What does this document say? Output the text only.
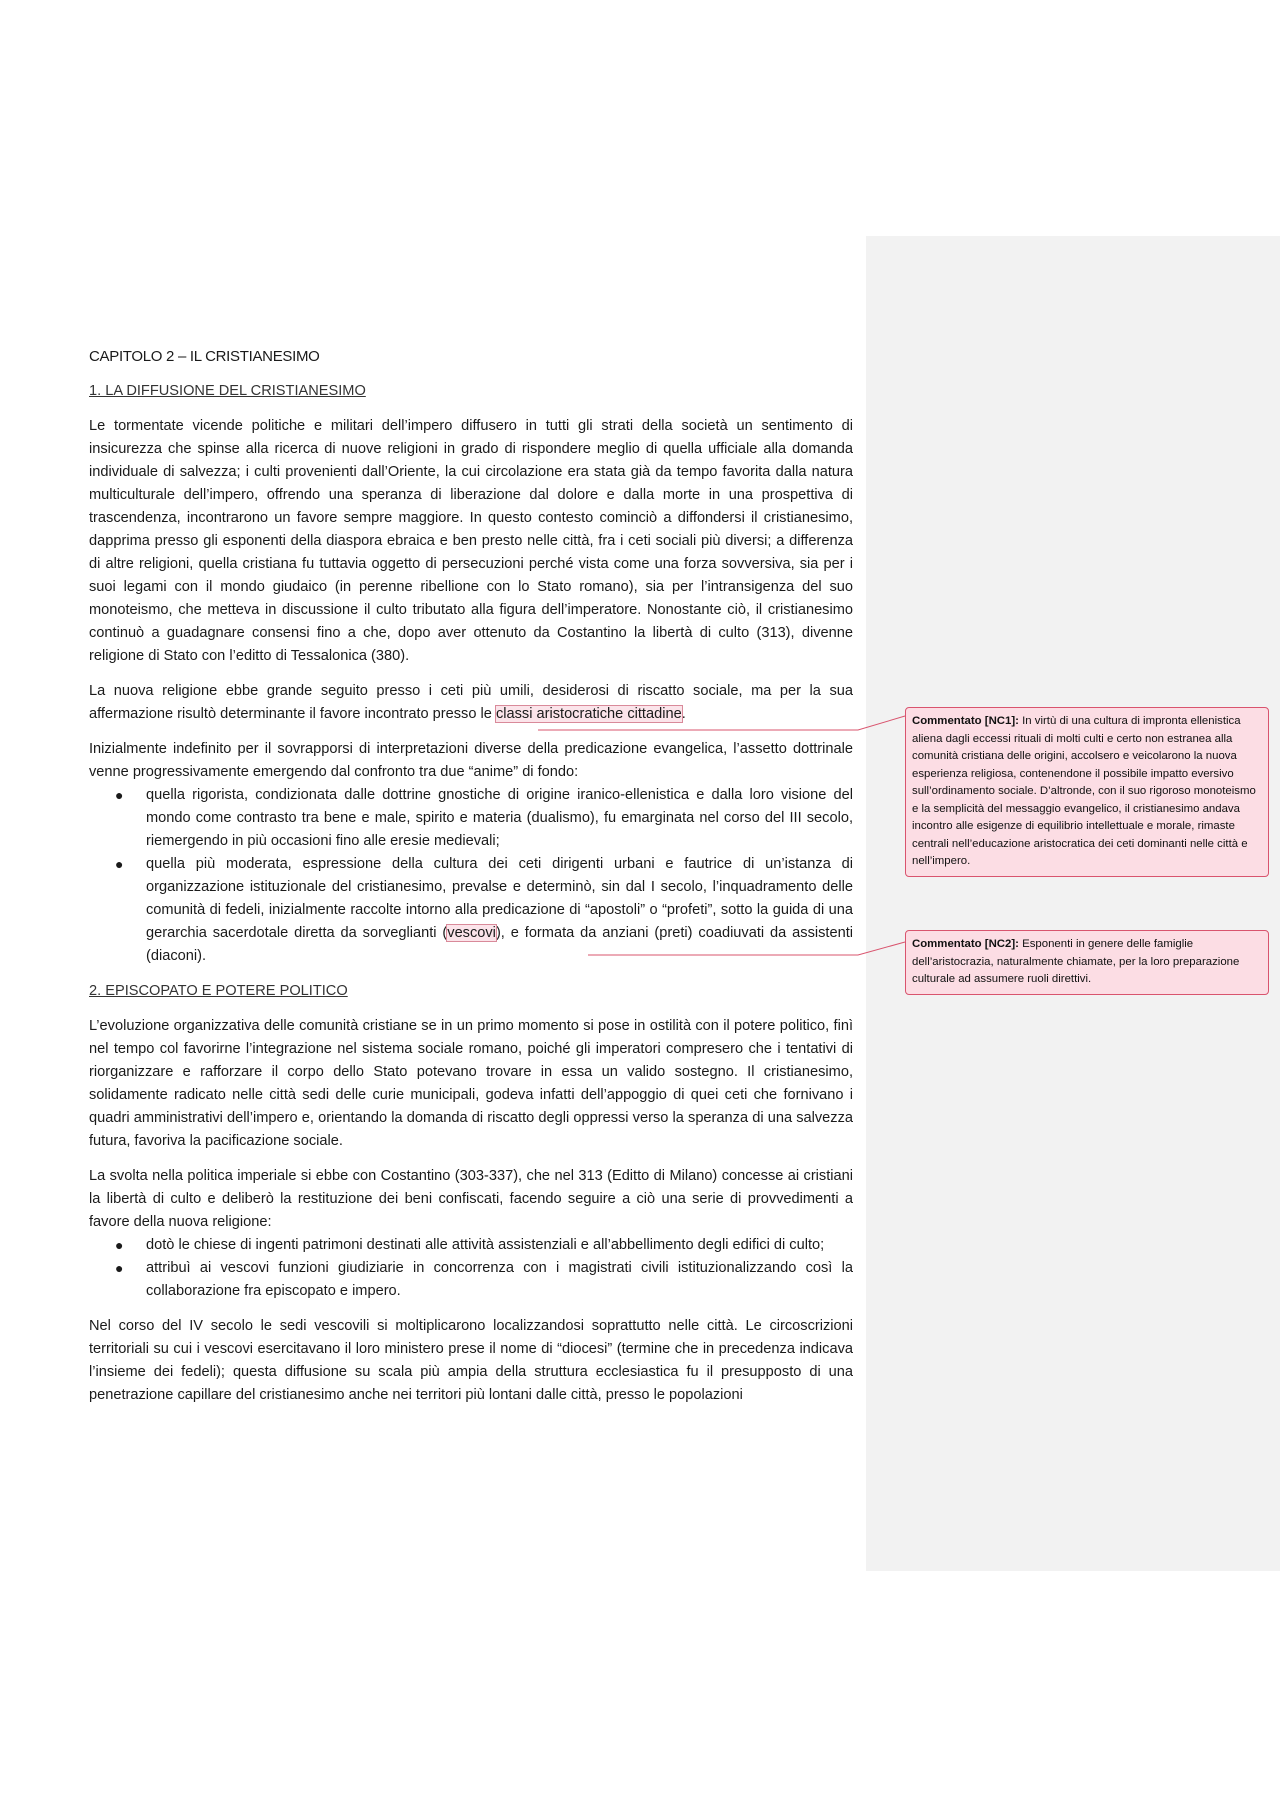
CAPITOLO 2 – IL CRISTIANESIMO
1. LA DIFFUSIONE DEL CRISTIANESIMO

Le tormentate vicende politiche e militari dell’impero diffusero in tutti gli strati della società un sentimento di insicurezza che spinse alla ricerca di nuove religioni in grado di rispondere meglio di quella ufficiale alla domanda individuale di salvezza; i culti provenienti dall’Oriente, la cui circolazione era stata già da tempo favorita dalla natura multiculturale dell’impero, offrendo una speranza di liberazione dal dolore e dalla morte in una prospettiva di trascendenza, incontrarono un favore sempre maggiore. In questo contesto cominciò a diffondersi il cristianesimo, dapprima presso gli esponenti della diaspora ebraica e ben presto nelle città, fra i ceti sociali più diversi; a differenza di altre religioni, quella cristiana fu tuttavia oggetto di persecuzioni perché vista come una forza sovversiva, sia per i suoi legami con il mondo giudaico (in perenne ribellione con lo Stato romano), sia per l’intransigenza del suo monoteismo, che metteva in discussione il culto tributato alla figura dell’imperatore. Nonostante ciò, il cristianesimo continuò a guadagnare consensi fino a che, dopo aver ottenuto da Costantino la libertà di culto (313), divenne religione di Stato con l’editto di Tessalonica (380).

La nuova religione ebbe grande seguito presso i ceti più umili, desiderosi di riscatto sociale, ma per la sua affermazione risultò determinante il favore incontrato presso le classi aristocratiche cittadine.

Inizialmente indefinito per il sovrapporsi di interpretazioni diverse della predicazione evangelica, l’assetto dottrinale venne progressivamente emergendo dal confronto tra due “anime” di fondo:

● quella rigorista, condizionata dalle dottrine gnostiche di origine iranico-ellenistica e dalla loro visione del mondo come contrasto tra bene e male, spirito e materia (dualismo), fu emarginata nel corso del III secolo, riemergendo in più occasioni fino alle eresie medievali;
● quella più moderata, espressione della cultura dei ceti dirigenti urbani e fautrice di un’istanza di organizzazione istituzionale del cristianesimo, prevalse e determinò, sin dal I secolo, l’inquadramento delle comunità di fedeli, inizialmente raccolte intorno alla predicazione di “apostoli” o “profeti”, sotto la guida di una gerarchia sacerdotale diretta da sorveglianti (vescovi), e formata da anziani (preti) coadiuvati da assistenti (diaconi).
2. EPISCOPATO E POTERE POLITICO

L’evoluzione organizzativa delle comunità cristiane se in un primo momento si pose in ostilità con il potere politico, finì nel tempo col favorirne l’integrazione nel sistema sociale romano, poiché gli imperatori compresero che i tentativi di riorganizzare e rafforzare il corpo dello Stato potevano trovare in essa un valido sostegno. Il cristianesimo, solidamente radicato nelle città sedi delle curie municipali, godeva infatti dell’appoggio di quei ceti che fornivano i quadri amministrativi dell’impero e, orientando la domanda di riscatto degli oppressi verso la speranza di una salvezza futura, favoriva la pacificazione sociale.

La svolta nella politica imperiale si ebbe con Costantino (303-337), che nel 313 (Editto di Milano) concesse ai cristiani la libertà di culto e deliberò la restituzione dei beni confiscati, facendo seguire a ciò una serie di provvedimenti a favore della nuova religione:

● dotò le chiese di ingenti patrimoni destinati alle attività assistenziali e all’abbellimento degli edifici di culto;
● attribuì ai vescovi funzioni giudiziarie in concorrenza con i magistrati civili istituzionalizzando così la collaborazione fra episcopato e impero.

Nel corso del IV secolo le sedi vescovili si moltiplicarono localizzandosi soprattutto nelle città. Le circoscrizioni territoriali su cui i vescovi esercitavano il loro ministero prese il nome di “diocesi” (termine che in precedenza indicava l’insieme dei fedeli); questa diffusione su scala più ampia della struttura ecclesiastica fu il presupposto di una penetrazione capillare del cristianesimo anche nei territori più lontani dalle città, presso le popolazioni

Commentato [NC1]: In virtù di una cultura di impronta ellenistica aliena dagli eccessi rituali di molti culti e certo non estranea alla comunità cristiana delle origini, accolsero e veicolarono la nuova esperienza religiosa, contenendone il possibile impatto eversivo sull’ordinamento sociale. D’altronde, con il suo rigoroso monoteismo e la semplicità del messaggio evangelico, il cristianesimo andava incontro alle esigenze di equilibrio intellettuale e morale, rimaste centrali nell’educazione aristocratica dei ceti dominanti nelle città e nell’impero.
Commentato [NC2]: Esponenti in genere delle famiglie dell’aristocrazia, naturalmente chiamate, per la loro preparazione culturale ad assumere ruoli direttivi.
